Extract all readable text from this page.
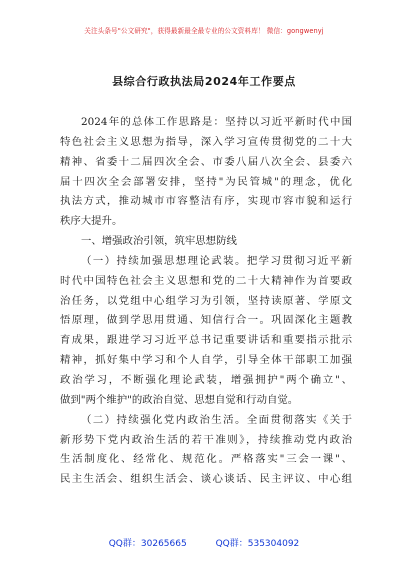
关注头条号"公文研究"，获得最新最全最专业的公文资料库！ 微信：gongwenyj
县综合行政执法局2024年工作要点
2024年的总体工作思路是：坚持以习近平新时代中国
特色社会主义思想为指导，深入学习宣传贯彻党的二十大
精神、省委十二届四次全会、市委八届八次全会、县委六
届十四次全会部署安排，坚持"为民管城"的理念，优化
执法方式，推动城市市容整洁有序，实现市容市貌和运行
秩序大提升。
一、增强政治引领，筑牢思想防线
（一）持续加强思想理论武装。把学习贯彻习近平新
时代中国特色社会主义思想和党的二十大精神作为首要政
治任务，以党组中心组学习为引领，坚持读原著、学原文
悟原理，做到学思用贯通、知信行合一。巩固深化主题教
育成果，跟进学习习近平总书记重要讲话和重要指示批示
精神，抓好集中学习和个人自学，引导全体干部职工加强
政治学习，不断强化理论武装，增强拥护"两个确立"、
做到"两个维护"的政治自觉、思想自觉和行动自觉。
（二）持续强化党内政治生活。全面贯彻落实《关于
新形势下党内政治生活的若干准则》，持续推动党内政治
生活制度化、经常化、规范化。严格落实"三会一课"、
民主生活会、组织生活会、谈心谈话、民主评议、中心组
QQ群：30265665	QQ群：535304092
